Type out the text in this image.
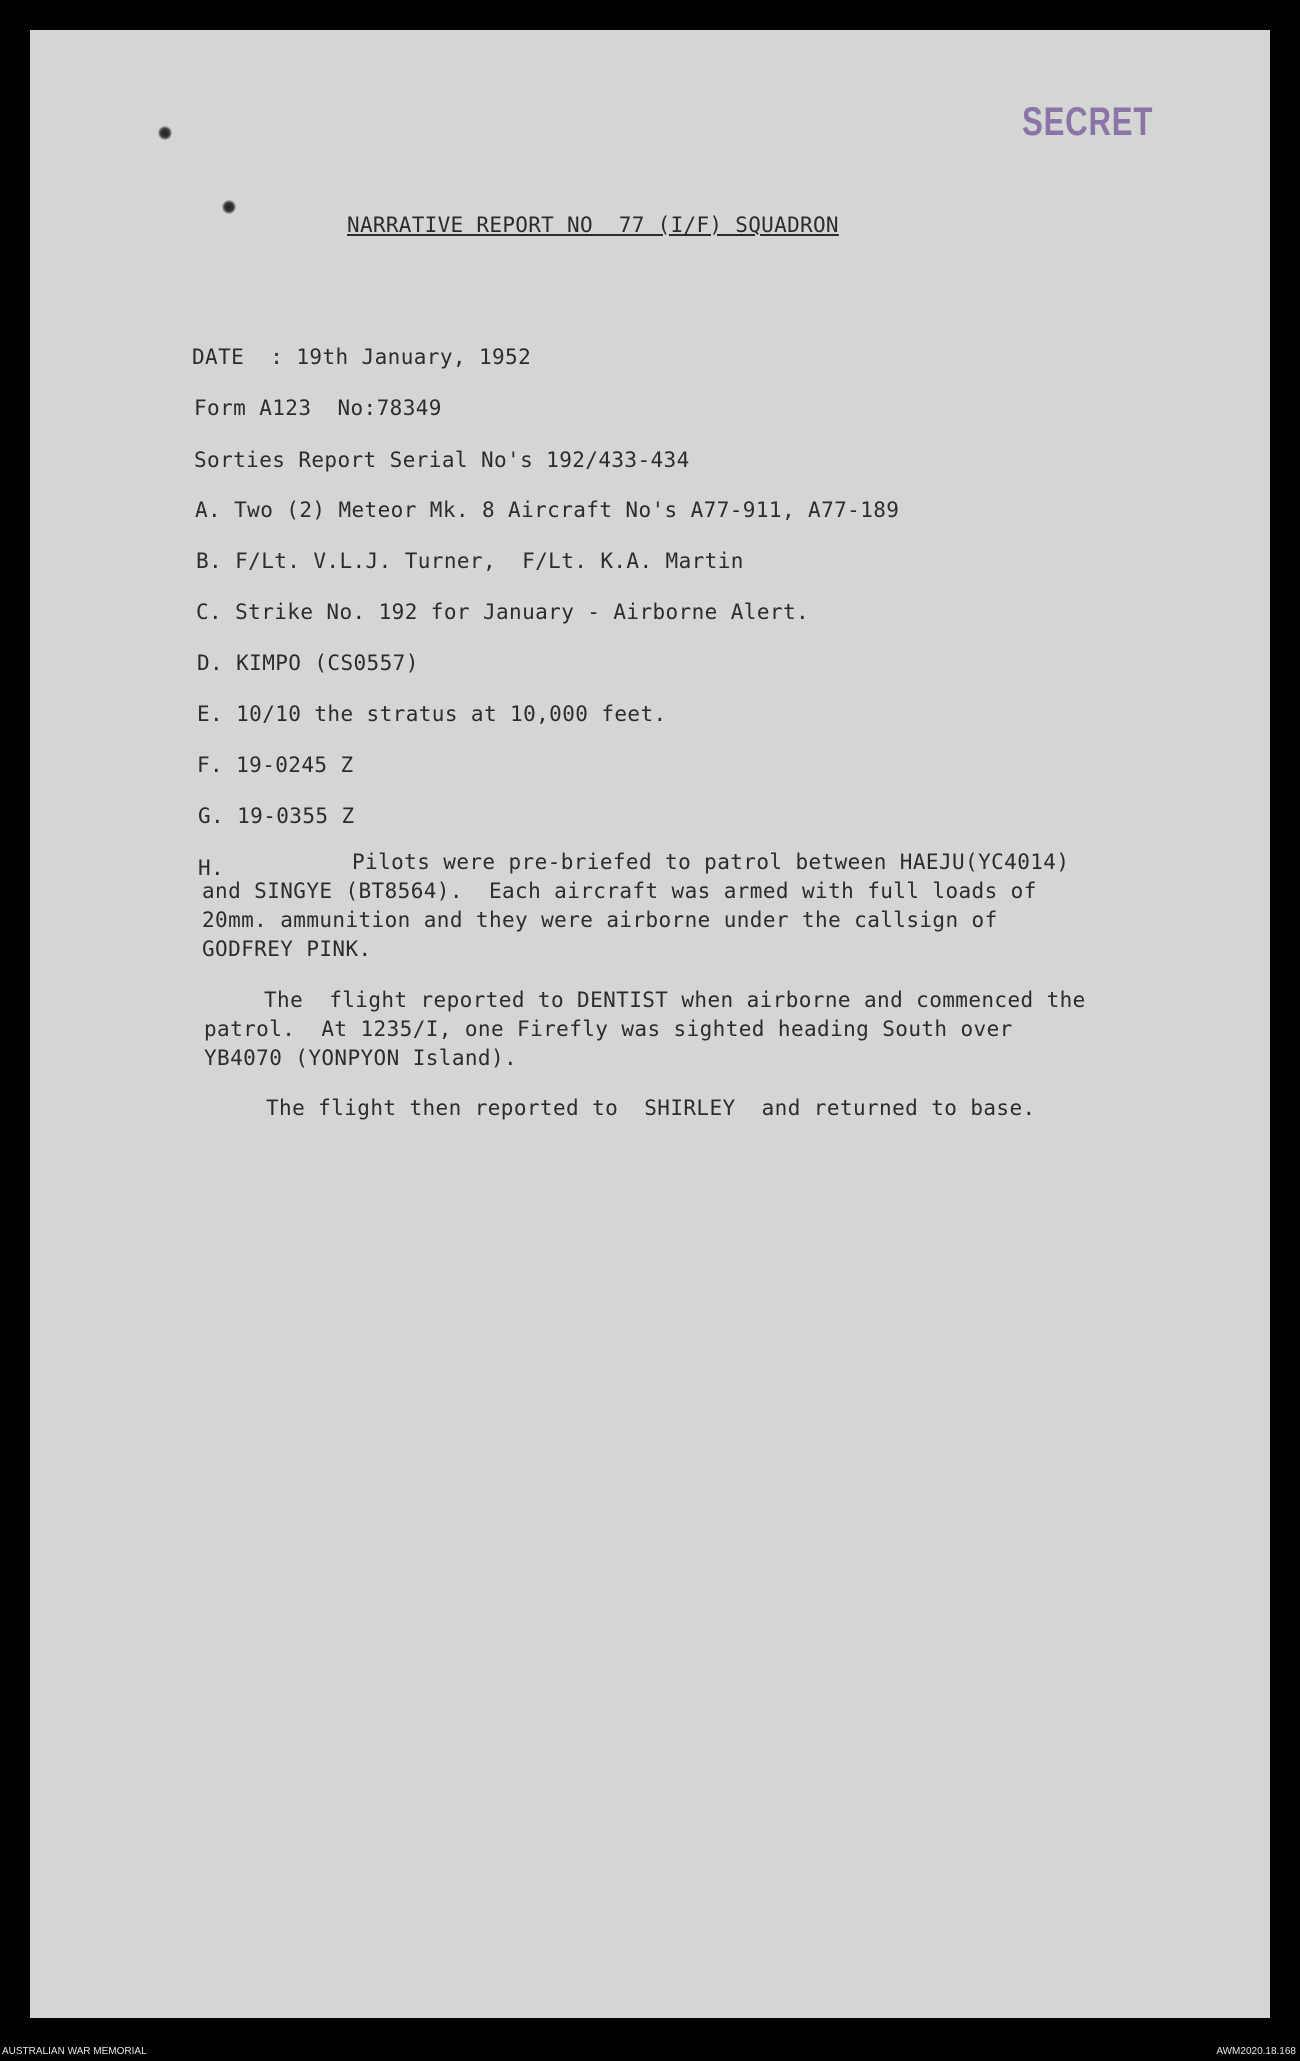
SECRET
NARRATIVE REPORT NO  77 (I/F) SQUADRON
DATE  : 19th January, 1952
Form A123  No:78349
Sorties Report Serial No's 192/433-434
A. Two (2) Meteor Mk. 8 Aircraft No's A77-911, A77-189
B. F/Lt. V.L.J. Turner,  F/Lt. K.A. Martin
C. Strike No. 192 for January - Airborne Alert.
D. KIMPO (CS0557)
E. 10/10 the stratus at 10,000 feet.
F. 19-0245 Z
G. 19-0355 Z
H.	Pilots were pre-briefed to patrol between HAEJU(YC4014)
and SINGYE (BT8564).  Each aircraft was armed with full loads of
20mm. ammunition and they were airborne under the callsign of
GODFREY PINK.
The  flight reported to DENTIST when airborne and commenced the
patrol.  At 1235/I, one Firefly was sighted heading South over
YB4070 (YONPYON Island).
The flight then reported to  SHIRLEY  and returned to base.
AUSTRALIAN WAR MEMORIAL	AWM2020.18.168
